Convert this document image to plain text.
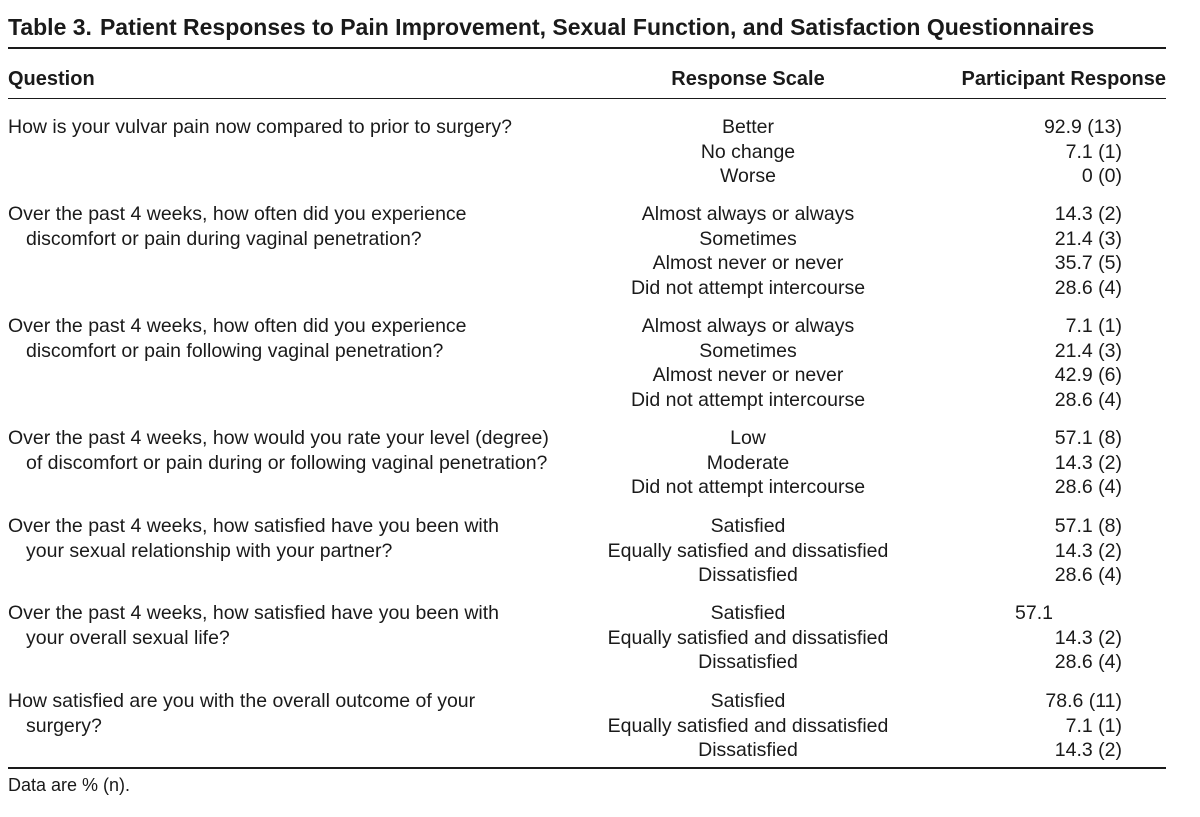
Table 3. Patient Responses to Pain Improvement, Sexual Function, and Satisfaction Questionnaires
Question	Response Scale	Participant Response
How is your vulvar pain now compared to prior to surgery?	Better	92.9 (13)
No change	7.1 (1)
Worse	0 (0)
Over the past 4 weeks, how often did you experience

discomfort or pain during vaginal penetration?
Almost always or always	14.3 (2)
Sometimes	21.4 (3)
Almost never or never	35.7 (5)
Did not attempt intercourse	28.6 (4)
Over the past 4 weeks, how often did you experience

discomfort or pain following vaginal penetration?
Almost always or always	7.1 (1)
Sometimes	21.4 (3)
Almost never or never	42.9 (6)
Did not attempt intercourse	28.6 (4)
Over the past 4 weeks, how would you rate your level (degree)

of discomfort or pain during or following vaginal penetration?
Low	57.1 (8)
Moderate	14.3 (2)
Did not attempt intercourse	28.6 (4)
Over the past 4 weeks, how satisfied have you been with

your sexual relationship with your partner?
Satisfied	57.1 (8)
Equally satisfied and dissatisfied	14.3 (2)
Dissatisfied	28.6 (4)
Over the past 4 weeks, how satisfied have you been with

your overall sexual life?
Satisfied	57.1
Equally satisfied and dissatisfied	14.3 (2)
Dissatisfied	28.6 (4)
How satisfied are you with the overall outcome of your

surgery?
Satisfied	78.6 (11)
Equally satisfied and dissatisfied	7.1 (1)
Dissatisfied	14.3 (2)
Data are % (n).
